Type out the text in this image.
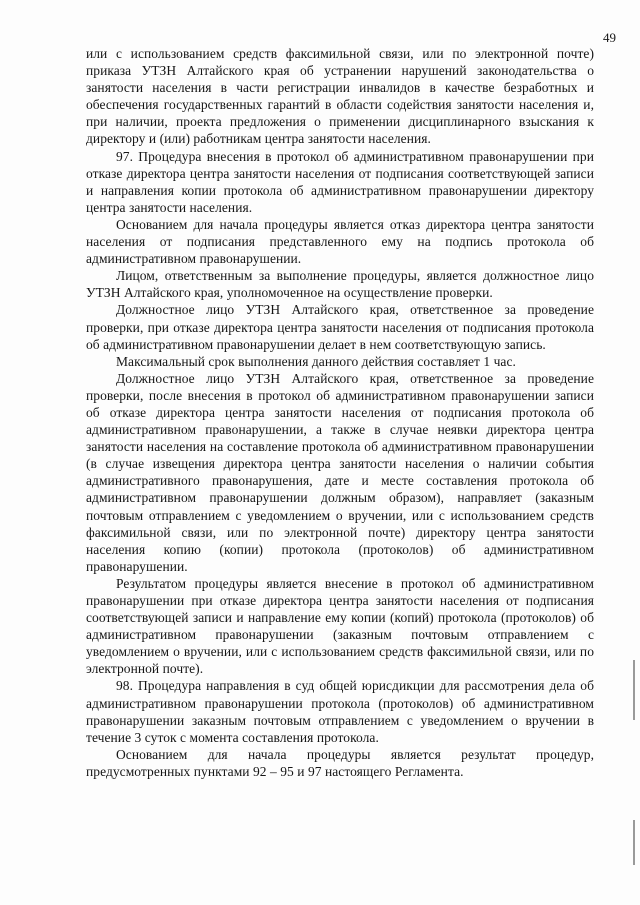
49

или с использованием средств факсимильной связи, или по электронной почте) приказа УТЗН Алтайского края об устранении нарушений законодательства о занятости населения в части регистрации инвалидов в качестве безработных и обеспечения государственных гарантий в области содействия занятости населения и, при наличии, проекта предложения о применении дисциплинарного взыскания к директору и (или) работникам центра занятости населения.

97. Процедура внесения в протокол об административном правонарушении при отказе директора центра занятости населения от подписания соответствующей записи и направления копии протокола об административном правонарушении директору центра занятости населения.

Основанием для начала процедуры является отказ директора центра занятости населения от подписания представленного ему на подпись протокола об административном правонарушении.

Лицом, ответственным за выполнение процедуры, является должностное лицо УТЗН Алтайского края, уполномоченное на осуществление проверки.

Должностное лицо УТЗН Алтайского края, ответственное за проведение проверки, при отказе директора центра занятости населения от подписания протокола об административном правонарушении делает в нем соответствующую запись.

Максимальный срок выполнения данного действия составляет 1 час.

Должностное лицо УТЗН Алтайского края, ответственное за проведение проверки, после внесения в протокол об административном правонарушении записи об отказе директора центра занятости населения от подписания протокола об административном правонарушении, а также в случае неявки директора центра занятости населения на составление протокола об административном правонарушении (в случае извещения директора центра занятости населения о наличии события административного правонарушения, дате и месте составления протокола об административном правонарушении должным образом), направляет (заказным почтовым отправлением с уведомлением о вручении, или с использованием средств факсимильной связи, или по электронной почте) директору центра занятости населения копию (копии) протокола (протоколов) об административном правонарушении.

Результатом процедуры является внесение в протокол об административном правонарушении при отказе директора центра занятости населения от подписания соответствующей записи и направление ему копии (копий) протокола (протоколов) об административном правонарушении (заказным почтовым отправлением с уведомлением о вручении, или с использованием средств факсимильной связи, или по электронной почте).

98. Процедура направления в суд общей юрисдикции для рассмотрения дела об административном правонарушении протокола (протоколов) об административном правонарушении заказным почтовым отправлением с уведомлением о вручении в течение 3 суток с момента составления протокола.

Основанием для начала процедуры является результат процедур, предусмотренных пунктами 92 – 95 и 97 настоящего Регламента.
